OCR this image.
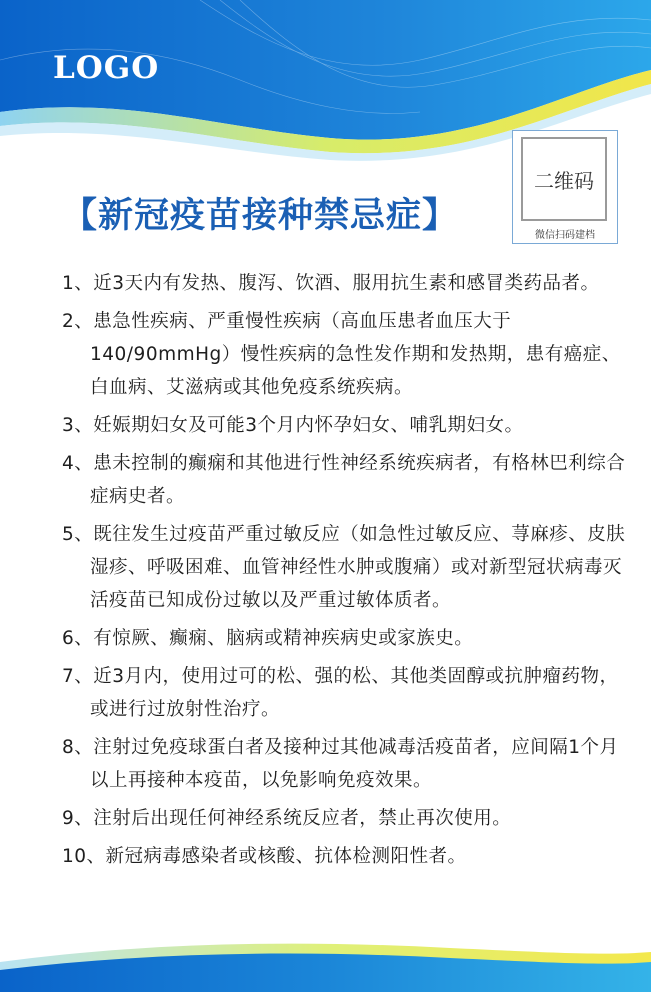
LOGO
【新冠疫苗接种禁忌症】
二维码
微信扫码建档
1、近3天内有发热、腹泻、饮酒、服用抗生素和感冒类药品者。
2、患急性疾病、严重慢性疾病（高血压患者血压大于140/90mmHg）慢性疾病的急性发作期和发热期，患有癌症、白血病、艾滋病或其他免疫系统疾病。
3、妊娠期妇女及可能3个月内怀孕妇女、哺乳期妇女。
4、患未控制的癫痫和其他进行性神经系统疾病者，有格林巴利综合症病史者。
5、既往发生过疫苗严重过敏反应（如急性过敏反应、荨麻疹、皮肤湿疹、呼吸困难、血管神经性水肿或腹痛）或对新型冠状病毒灭活疫苗已知成份过敏以及严重过敏体质者。
6、有惊厥、癫痫、脑病或精神疾病史或家族史。
7、近3月内，使用过可的松、强的松、其他类固醇或抗肿瘤药物，或进行过放射性治疗。
8、注射过免疫球蛋白者及接种过其他减毒活疫苗者，应间隔1个月以上再接种本疫苗，以免影响免疫效果。
9、注射后出现任何神经系统反应者，禁止再次使用。
10、新冠病毒感染者或核酸、抗体检测阳性者。
